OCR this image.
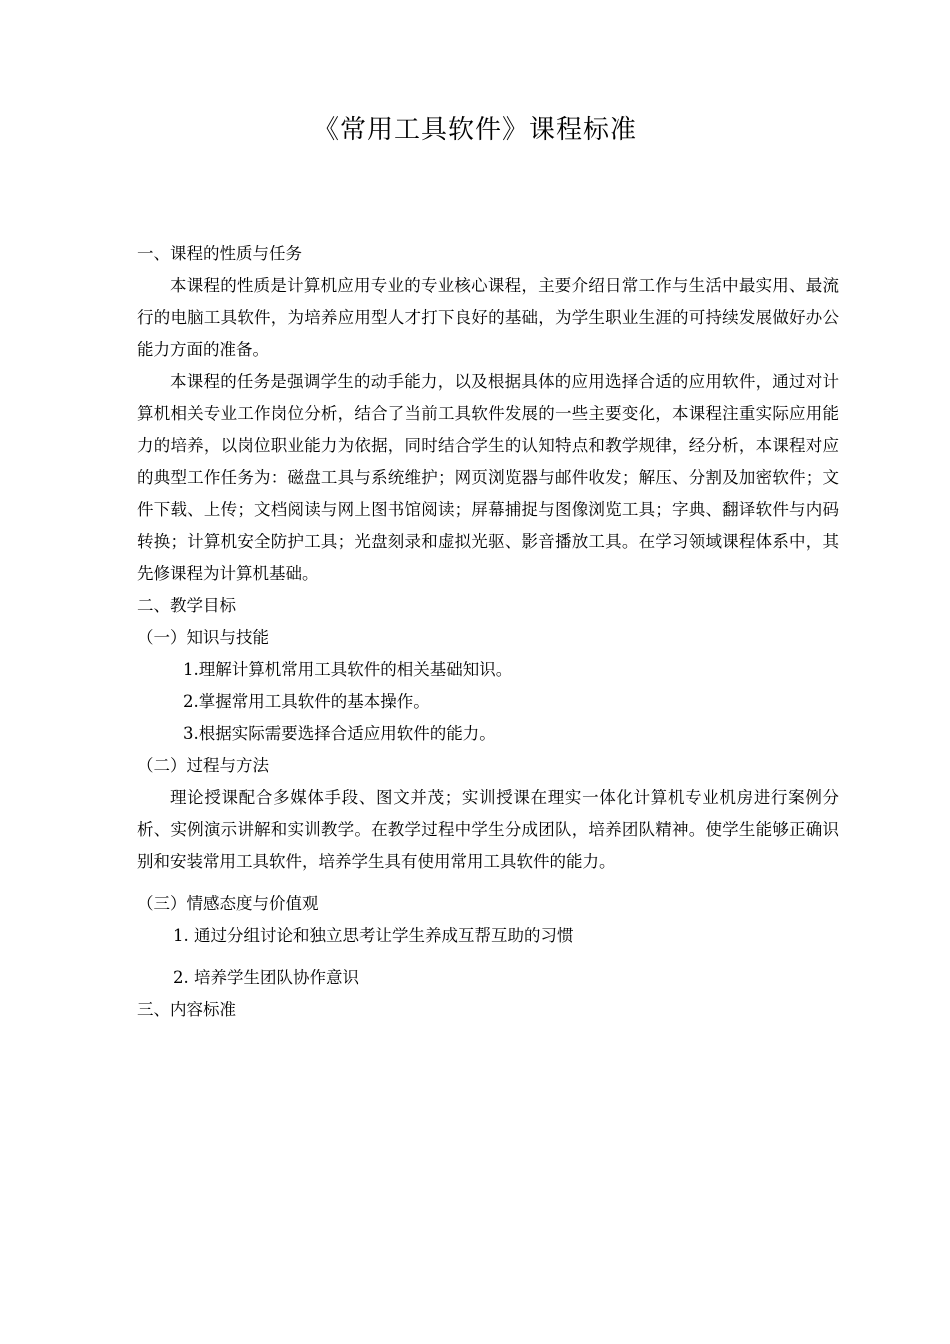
《常用工具软件》课程标准

一、课程的性质与任务

本课程的性质是计算机应用专业的专业核心课程，主要介绍日常工作与生活中最实用、最流行的电脑工具软件，为培养应用型人才打下良好的基础，为学生职业生涯的可持续发展做好办公能力方面的准备。

本课程的任务是强调学生的动手能力，以及根据具体的应用选择合适的应用软件，通过对计算机相关专业工作岗位分析，结合了当前工具软件发展的一些主要变化，本课程注重实际应用能力的培养，以岗位职业能力为依据，同时结合学生的认知特点和教学规律，经分析，本课程对应的典型工作任务为：磁盘工具与系统维护；网页浏览器与邮件收发；解压、分割及加密软件；文件下载、上传；文档阅读与网上图书馆阅读；屏幕捕捉与图像浏览工具；字典、翻译软件与内码转换；计算机安全防护工具；光盘刻录和虚拟光驱、影音播放工具。在学习领域课程体系中，其先修课程为计算机基础。

二、教学目标

（一）知识与技能

1.理解计算机常用工具软件的相关基础知识。

2.掌握常用工具软件的基本操作。

3.根据实际需要选择合适应用软件的能力。

（二）过程与方法

理论授课配合多媒体手段、图文并茂；实训授课在理实一体化计算机专业机房进行案例分析、实例演示讲解和实训教学。在教学过程中学生分成团队，培养团队精神。使学生能够正确识别和安装常用工具软件，培养学生具有使用常用工具软件的能力。

（三）情感态度与价值观

1. 通过分组讨论和独立思考让学生养成互帮互助的习惯

2. 培养学生团队协作意识

三、内容标准
